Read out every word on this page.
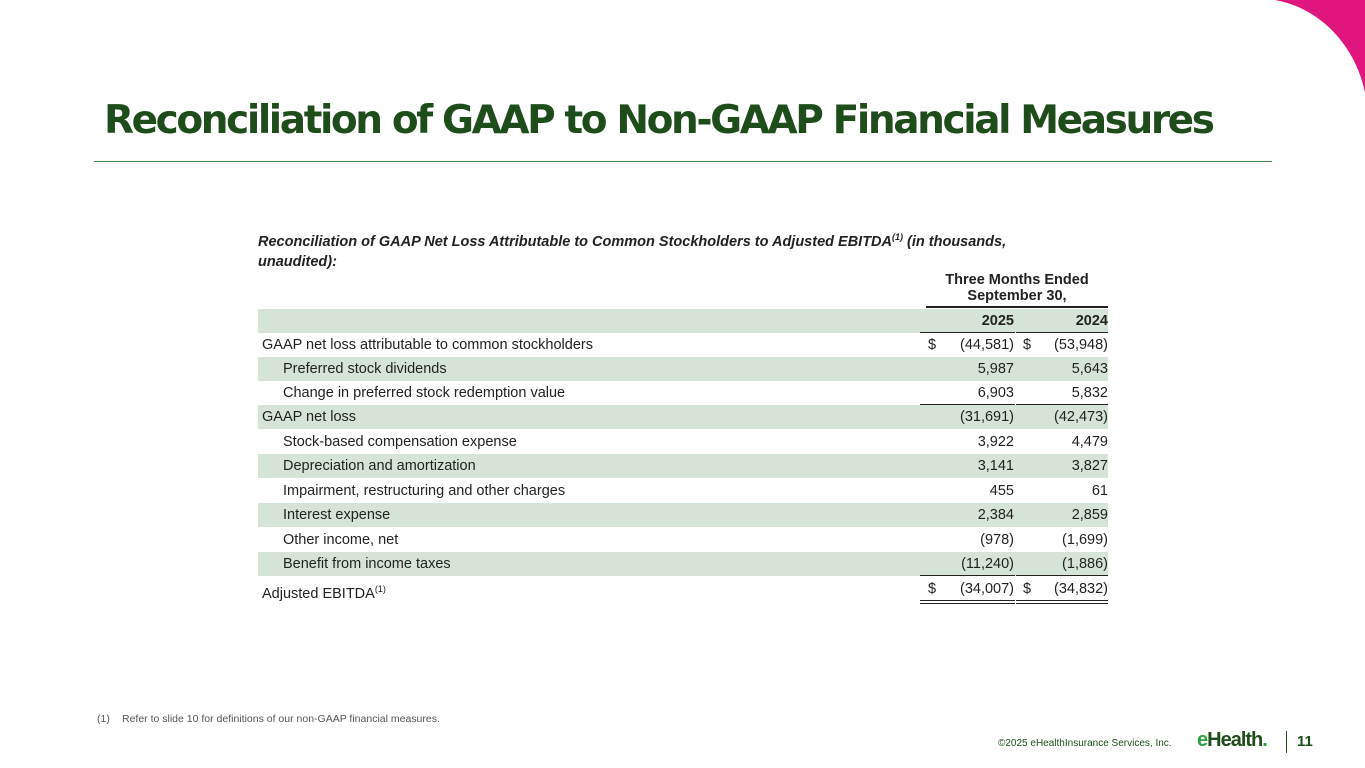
Reconciliation of GAAP to Non-GAAP Financial Measures
Reconciliation of GAAP Net Loss Attributable to Common Stockholders to Adjusted EBITDA$^{(1)}$ (in thousands, unaudited):
Three Months Ended
September 30,
2025	2024
GAAP net loss attributable to common stockholders	$	(44,581) $	(53,948)
Preferred stock dividends	5,987	5,643
Change in preferred stock redemption value	6,903	5,832
GAAP net loss	(31,691)	(42,473)
Stock-based compensation expense	3,922	4,479
Depreciation and amortization	3,141	3,827
Impairment, restructuring and other charges	455	61
Interest expense	2,384	2,859
Other income, net	(978)	(1,699)
Benefit from income taxes	(11,240)	(1,886)
Adjusted EBITDA$^{(1)}$	$	(34,007) $	(34,832)
(1) Refer to slide 10 for definitions of our non-GAAP financial measures.
©2025 eHealthInsurance Services, Inc. eHealth. 11
